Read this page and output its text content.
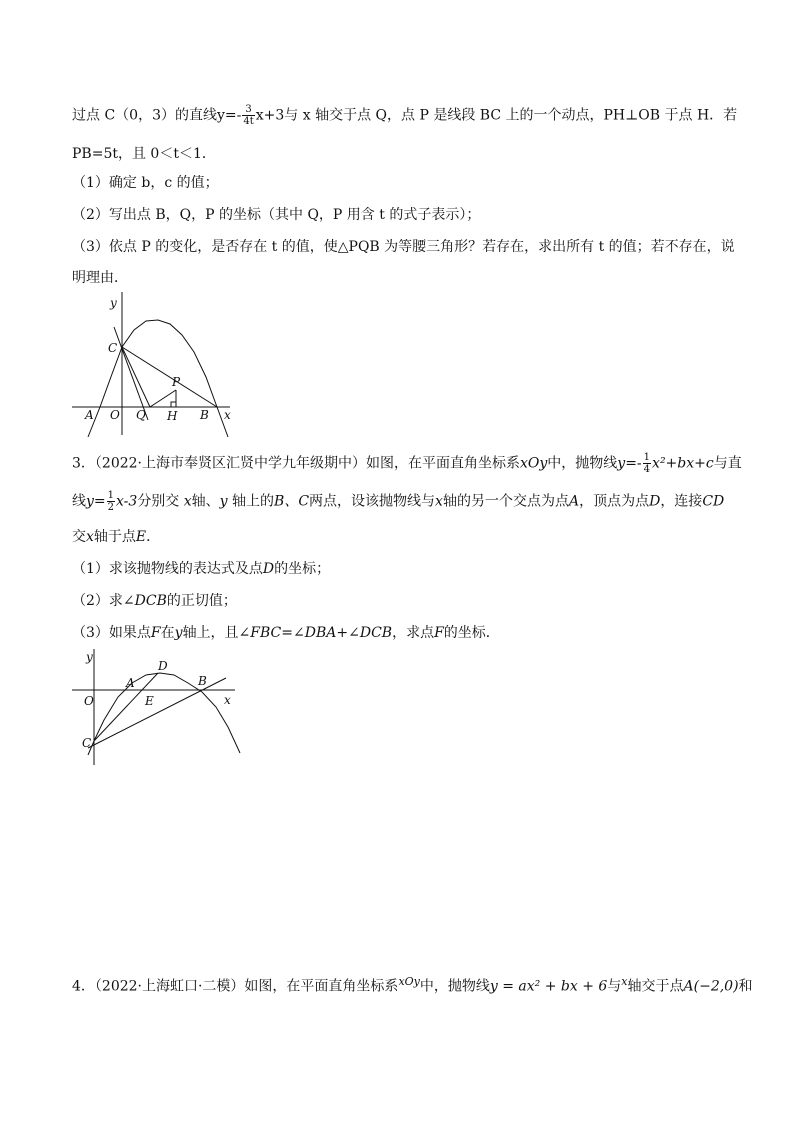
过点 C（0，3）的直线$y=- \frac{3}{4t} x+3$与 x 轴交于点 Q，点 P 是线段 BC 上的一个动点，PH⊥OB 于点 H．若
PB=5t，且 0＜t＜1．
（1）确定 b，c 的值；
（2）写出点 B，Q，P 的坐标（其中 Q，P 用含 t 的式子表示）；
（3）依点 P 的变化，是否存在 t 的值，使△PQB 为等腰三角形？若存在，求出所有 t 的值；若不存在，说
明理由．
y
C
P
A O Q H B x
3．（2022·上海市奉贤区汇贤中学九年级期中）如图，在平面直角坐标系xOy中，抛物线$y=- \frac{1}{4} x^2+bx+c$与直
线$y= \frac{1}{2} x-3$分别交 x轴、y 轴上的B、C两点，设该抛物线与x轴的另一个交点为点A，顶点为点D，连接CD
交x轴于点E．
（1）求该抛物线的表达式及点D的坐标；
（2）求∠DCB的正切值；
（3）如果点F在y轴上，且∠FBC=∠DBA+∠DCB，求点F的坐标．
y
D
A	B
O	E	x
C
4．（2022·上海虹口·二模）如图，在平面直角坐标系$^{xOy}$中，抛物线y = ax² + bx + 6与$^x$轴交于点A(−2,0)和
